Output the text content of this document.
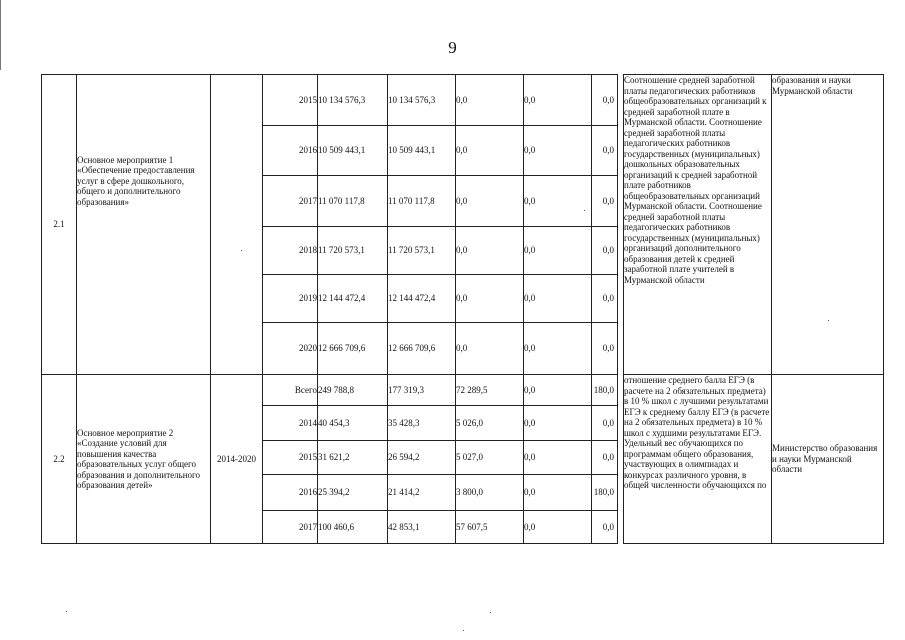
9
2.1	Основное мероприятие 1 «Обеспечение предоставления услуг в сфере дошкольного, общего и дополнительного образования»		2015	10 134 576,3	10 134 576,3	0,0	0,0	0,0		Соотношение средней заработной платы педагогических работников общеобразовательных организаций к средней заработной плате в Мурманской области. Соотношение средней заработной платы педагогических работников государственных (муниципальных) дошкольных образовательных организаций к средней заработной плате работников общеобразовательных организаций Мурманской области. Соотношение средней заработной платы педагогических работников государственных (муниципальных) организаций дополнительного образования детей к средней заработной плате учителей в Мурманской области	образования и науки Мурманской области
			2016	10 509 443,1	10 509 443,1	0,0	0,0	0,0			
			2017	11 070 117,8	11 070 117,8	0,0	0,0	0,0			
			2018	11 720 573,1	11 720 573,1	0,0	0,0	0,0			
			2019	12 144 472,4	12 144 472,4	0,0	0,0	0,0			
			2020	12 666 709,6	12 666 709,6	0,0	0,0	0,0			
2.2	Основное мероприятие 2 «Создание условий для повышения качества образовательных услуг общего образования и дополнительного образования детей»	2014-2020	Всего	249 788,8	177 319,3	72 289,5	0,0	180,0		отношение среднего балла ЕГЭ (в расчете на 2 обязательных предмета) в 10 % школ с лучшими результатами ЕГЭ к среднему баллу ЕГЭ (в расчете на 2 обязательных предмета) в 10 % школ с худшими результатами ЕГЭ. Удельный вес обучающихся по программам общего образования, участвующих в олимпиадах и конкурсах различного уровня, в общей численности обучающихся по	Министерство образования и науки Мурманской области
			2014	40 454,3	35 428,3	5 026,0	0,0	0,0			
			2015	31 621,2	26 594,2	5 027,0	0,0	0,0			
			2016	25 394,2	21 414,2	3 800,0	0,0	180,0			
			2017	100 460,6	42 853,1	57 607,5	0,0	0,0			
